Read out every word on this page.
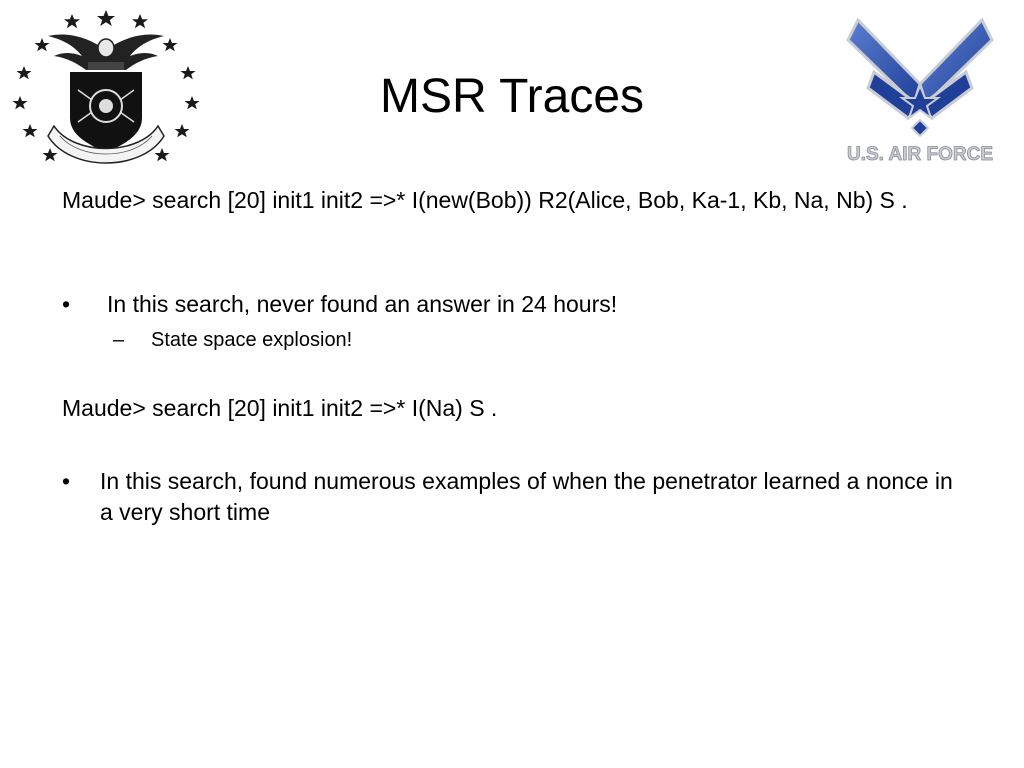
U.S. AIR FORCE
MSR Traces
Maude> search [20] init1 init2 =>* I(new(Bob)) R2(Alice, Bob, Ka-1, Kb, Na, Nb) S .
• In this search, never found an answer in 24 hours!
– State space explosion!
Maude> search [20] init1 init2 =>* I(Na) S .
• In this search, found numerous examples of when the penetrator learned a nonce in a very short time
